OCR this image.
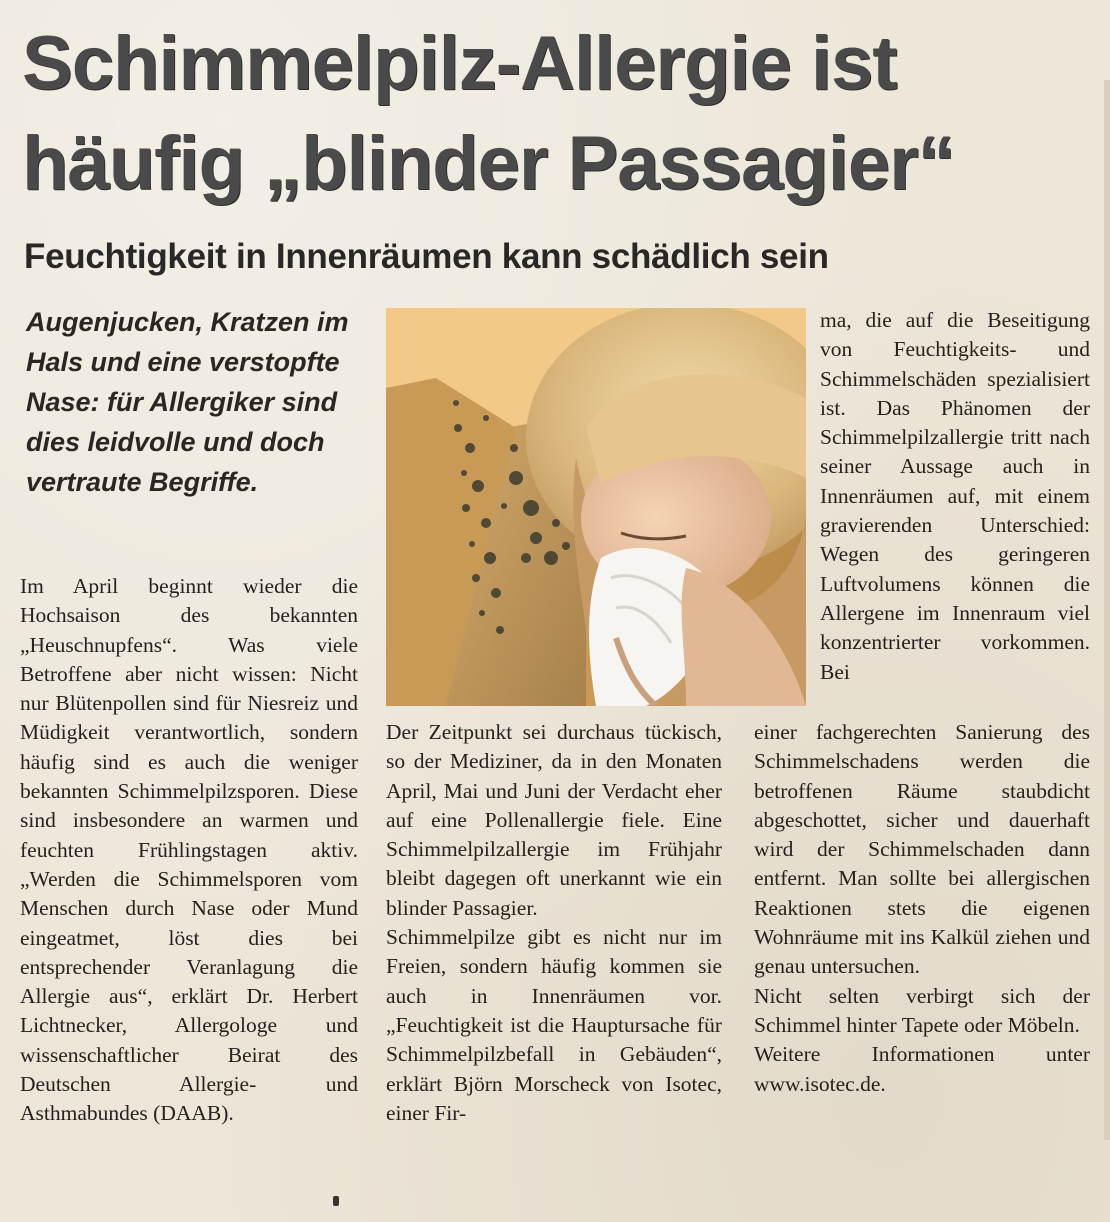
Schimmelpilz-Allergie ist
häufig „blinder Passagier“
Feuchtigkeit in Innenräumen kann schädlich sein

Augenjucken, Kratzen im Hals und eine verstopfte Nase: für Allergiker sind dies leidvolle und doch vertraute Begriffe.

Im April beginnt wieder die Hochsaison des bekannten „Heuschnupfens“. Was viele Betroffene aber nicht wissen: Nicht nur Blütenpollen sind für Niesreiz und Müdigkeit verantwortlich, sondern häufig sind es auch die weniger bekannten Schimmelpilzsporen. Diese sind insbesondere an warmen und feuchten Frühlingstagen aktiv. „Werden die Schimmelsporen vom Menschen durch Nase oder Mund eingeatmet, löst dies bei entsprechender Veranlagung die Allergie aus“, erklärt Dr. Herbert Lichtnecker, Allergologe und wissenschaftlicher Beirat des Deutschen Allergie- und Asthmabundes (DAAB).

Der Zeitpunkt sei durchaus tückisch, so der Mediziner, da in den Monaten April, Mai und Juni der Verdacht eher auf eine Pollenallergie fiele. Eine Schimmelpilzallergie im Frühjahr bleibt dagegen oft unerkannt wie ein blinder Passagier.

Schimmelpilze gibt es nicht nur im Freien, sondern häufig kommen sie auch in Innenräumen vor. „Feuchtigkeit ist die Hauptursache für Schimmelpilzbefall in Gebäuden“, erklärt Björn Morscheck von Isotec, einer Fir-

ma, die auf die Beseitigung von Feuchtigkeits- und Schimmelschäden spezialisiert ist. Das Phänomen der Schimmelpilzallergie tritt nach seiner Aussage auch in Innenräumen auf, mit einem gravierenden Unterschied: Wegen des geringeren Luftvolumens können die Allergene im Innenraum viel konzentrierter vorkommen. Bei

einer fachgerechten Sanierung des Schimmelschadens werden die betroffenen Räume staubdicht abgeschottet, sicher und dauerhaft wird der Schimmelschaden dann entfernt. Man sollte bei allergischen Reaktionen stets die eigenen Wohnräume mit ins Kalkül ziehen und genau untersuchen.

Nicht selten verbirgt sich der Schimmel hinter Tapete oder Möbeln.

Weitere Informationen unter www.isotec.de.
